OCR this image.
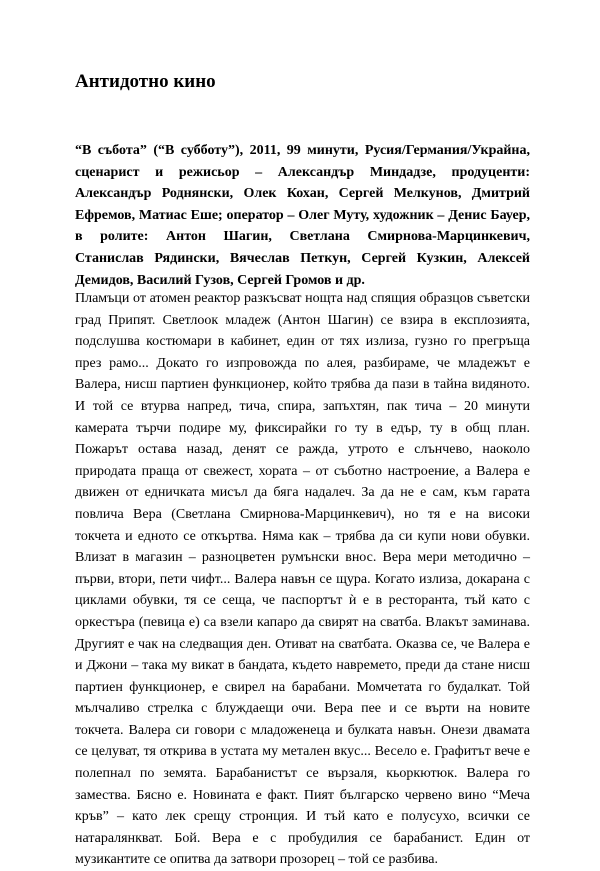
Антидотно кино

“В събота” (“В субботу”), 2011, 99 минути, Русия/Германия/Украйна, сценарист и режисьор – Александър Миндадзе, продуценти: Александър Роднянски, Олек Кохан, Сергей Мелкунов, Дмитрий Ефремов, Матиас Еше; оператор – Олег Муту, художник – Денис Бауер, в ролите: Антон Шагин, Светлана Смирнова-Марцинкевич, Станислав Рядински, Вячеслав Петкун, Сергей Кузкин, Алексей Демидов, Василий Гузов, Сергей Громов и др.

Пламъци от атомен реактор разкъсват нощта над спящия образцов съветски град Припят. Светлоок младеж (Антон Шагин) се взира в експлозията, подслушва костюмари в кабинет, един от тях излиза, гузно го прегръща през рамо... Докато го изпровожда по алея, разбираме, че младежът е Валера, нисш партиен функционер, който трябва да пази в тайна видяното. И той се втурва напред, тича, спира, запъхтян, пак тича – 20 минути камерата търчи подире му, фиксирайки го ту в едър, ту в общ план. Пожарът остава назад, денят се ражда, утрото е слънчево, наоколо природата праща от свежест, хората – от съботно настроение, а Валера е движен от едничката мисъл да бяга надалеч. За да не е сам, към гарата повлича Вера (Светлана Смирнова-Марцинкевич), но тя е на високи токчета и едното се откъртва. Няма как – трябва да си купи нови обувки. Влизат в магазин – разноцветен румънски внос. Вера мери методично – първи, втори, пети чифт... Валера навън се щура. Когато излиза, докарана с циклами обувки, тя се сеща, че паспортът ѝ е в ресторанта, тъй като с оркестъра (певица е) са взели капаро да свирят на сватба. Влакът заминава. Другият е чак на следващия ден. Отиват на сватбата. Оказва се, че Валера е и Джони – така му викат в бандата, където навремето, преди да стане нисш партиен функционер, е свирел на барабани. Момчетата го будалкат. Той мълчаливо стрелка с блуждаещи очи. Вера пее и се върти на новите токчета. Валера си говори с младоженеца и булката навън. Онези двамата се целуват, тя открива в устата му метален вкус... Весело е. Графитът вече е полепнал по земята. Барабанистът се вързаля, кьоркютюк. Валера го замества. Бясно е. Новината е факт. Пият българско червено вино “Меча кръв” – като лек срещу стронция. И тъй като е полусухо, всички се натаралянкват. Бой. Вера е с пробудилия се барабанист. Един от музикантите се опитва да затвори прозорец – той се разбива.
